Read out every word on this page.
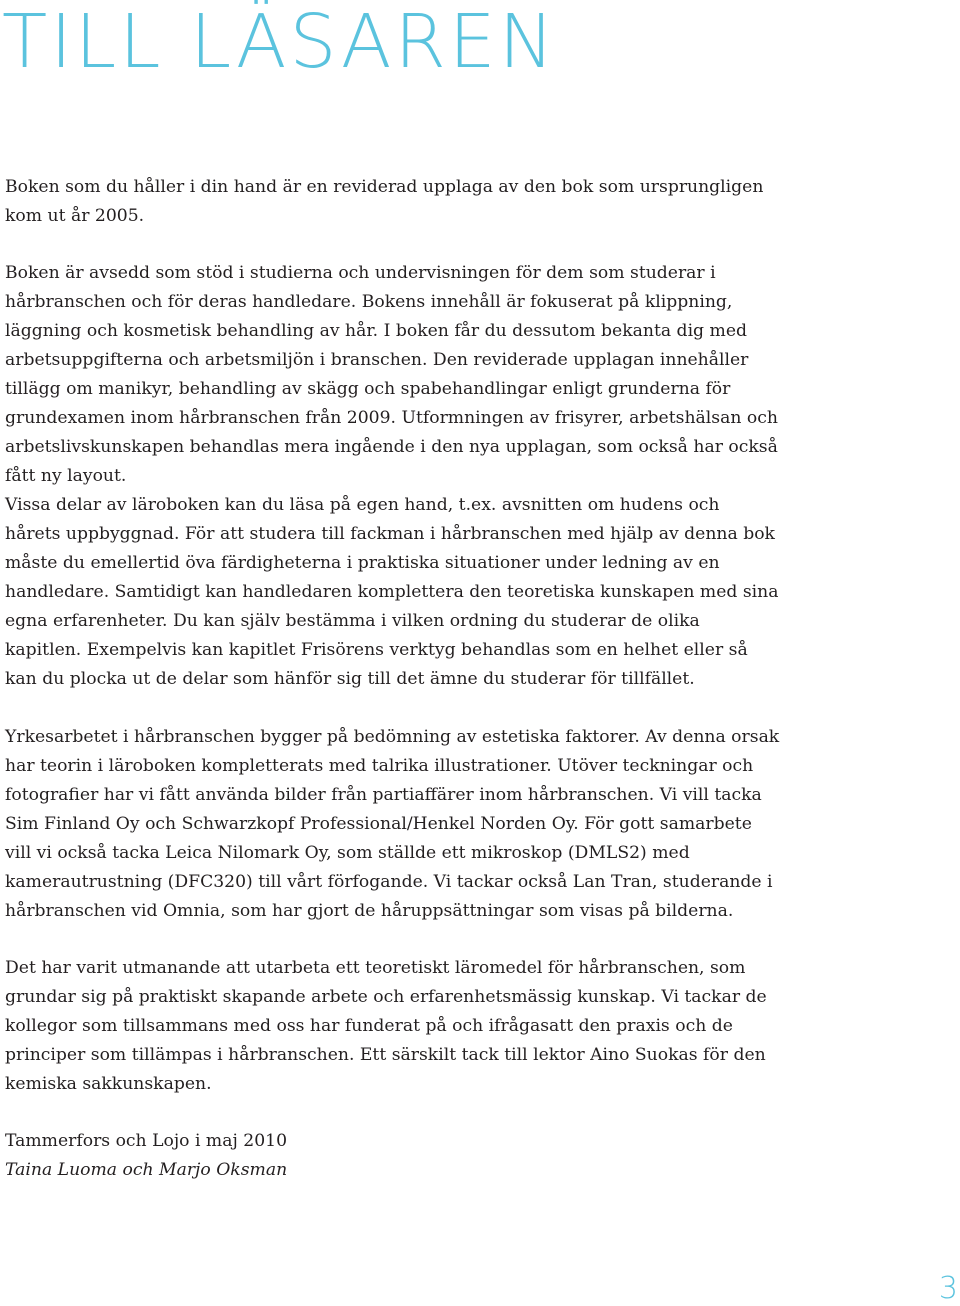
TILL LÄSAREN

Boken som du håller i din hand är en reviderad upplaga av den bok som ursprungligen kom ut år 2005.

Boken är avsedd som stöd i studierna och undervisningen för dem som studerar i hårbranschen och för deras handledare. Bokens innehåll är fokuserat på klippning, läggning och kosmetisk behandling av hår. I boken får du dessutom bekanta dig med arbetsuppgifterna och arbetsmiljön i branschen. Den reviderade upplagan innehåller tillägg om manikyr, behandling av skägg och spabehandlingar enligt grunderna för grundexamen inom hårbranschen från 2009. Utformningen av frisyrer, arbetshälsan och arbetslivskunskapen behandlas mera ingående i den nya upplagan, som också har också fått ny layout.

Vissa delar av läroboken kan du läsa på egen hand, t.ex. avsnitten om hudens och hårets uppbyggnad. För att studera till fackman i hårbranschen med hjälp av denna bok måste du emellertid öva färdigheterna i praktiska situationer under ledning av en handledare. Samtidigt kan handledaren komplettera den teoretiska kunskapen med sina egna erfarenheter. Du kan själv bestämma i vilken ordning du studerar de olika kapitlen. Exempelvis kan kapitlet Frisörens verktyg behandlas som en helhet eller så kan du plocka ut de delar som hänför sig till det ämne du studerar för tillfället.

Yrkesarbetet i hårbranschen bygger på bedömning av estetiska faktorer. Av denna orsak har teorin i läroboken kompletterats med talrika illustrationer. Utöver teckningar och fotografier har vi fått använda bilder från partiaffärer inom hårbranschen. Vi vill tacka Sim Finland Oy och Schwarzkopf Professional/Henkel Norden Oy. För gott samarbete vill vi också tacka Leica Nilomark Oy, som ställde ett mikroskop (DMLS2) med kamerautrustning (DFC320) till vårt förfogande. Vi tackar också Lan Tran, studerande i hårbranschen vid Omnia, som har gjort de håruppsättningar som visas på bilderna.

Det har varit utmanande att utarbeta ett teoretiskt läromedel för hårbranschen, som grundar sig på praktiskt skapande arbete och erfarenhetsmässig kunskap. Vi tackar de kollegor som tillsammans med oss har funderat på och ifrågasatt den praxis och de principer som tillämpas i hårbranschen. Ett särskilt tack till lektor Aino Suokas för den kemiska sakkunskapen.

Tammerfors och Lojo i maj 2010
Taina Luoma och Marjo Oksman
3
